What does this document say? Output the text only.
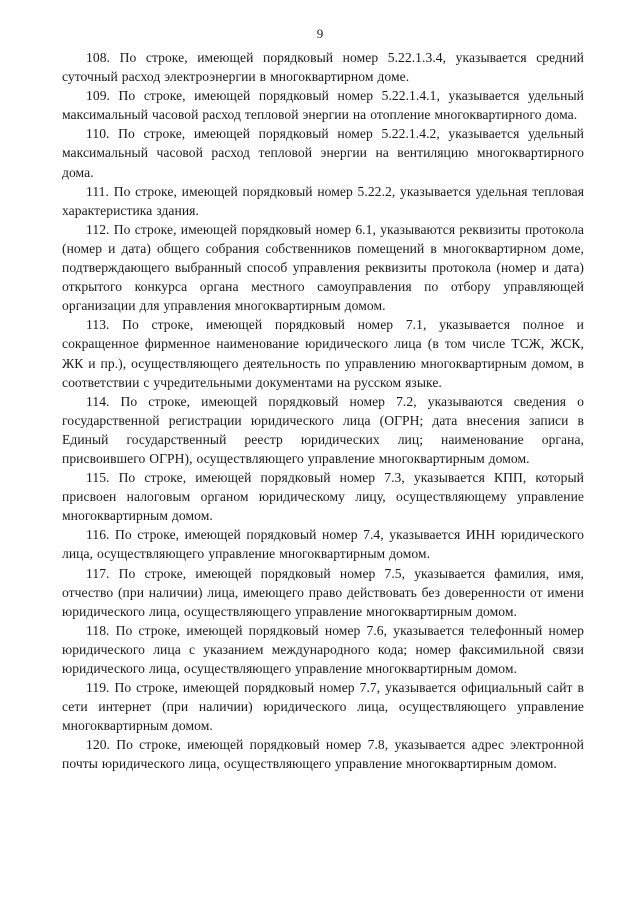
9

108. По строке, имеющей порядковый номер 5.22.1.3.4, указывается средний суточный расход электроэнергии в многоквартирном доме.

109. По строке, имеющей порядковый номер 5.22.1.4.1, указывается удельный максимальный часовой расход тепловой энергии на отопление многоквартирного дома.

110. По строке, имеющей порядковый номер 5.22.1.4.2, указывается удельный максимальный часовой расход тепловой энергии на вентиляцию многоквартирного дома.

111. По строке, имеющей порядковый номер 5.22.2, указывается удельная тепловая характеристика здания.

112. По строке, имеющей порядковый номер 6.1, указываются реквизиты протокола (номер и дата) общего собрания собственников помещений в многоквартирном доме, подтверждающего выбранный способ управления реквизиты протокола (номер и дата) открытого конкурса органа местного самоуправления по отбору управляющей организации для управления многоквартирным домом.

113. По строке, имеющей порядковый номер 7.1, указывается полное и сокращенное фирменное наименование юридического лица (в том числе ТСЖ, ЖСК, ЖК и пр.), осуществляющего деятельность по управлению многоквартирным домом, в соответствии с учредительными документами на русском языке.

114. По строке, имеющей порядковый номер 7.2, указываются сведения о государственной регистрации юридического лица (ОГРН; дата внесения записи в Единый государственный реестр юридических лиц; наименование органа, присвоившего ОГРН), осуществляющего управление многоквартирным домом.

115. По строке, имеющей порядковый номер 7.3, указывается КПП, который присвоен налоговым органом юридическому лицу, осуществляющему управление многоквартирным домом.

116. По строке, имеющей порядковый номер 7.4, указывается ИНН юридического лица, осуществляющего управление многоквартирным домом.

117. По строке, имеющей порядковый номер 7.5, указывается фамилия, имя, отчество (при наличии) лица, имеющего право действовать без доверенности от имени юридического лица, осуществляющего управление многоквартирным домом.

118. По строке, имеющей порядковый номер 7.6, указывается телефонный номер юридического лица с указанием международного кода; номер факсимильной связи юридического лица, осуществляющего управление многоквартирным домом.

119. По строке, имеющей порядковый номер 7.7, указывается официальный сайт в сети интернет (при наличии) юридического лица, осуществляющего управление многоквартирным домом.

120. По строке, имеющей порядковый номер 7.8, указывается адрес электронной почты юридического лица, осуществляющего управление многоквартирным домом.
